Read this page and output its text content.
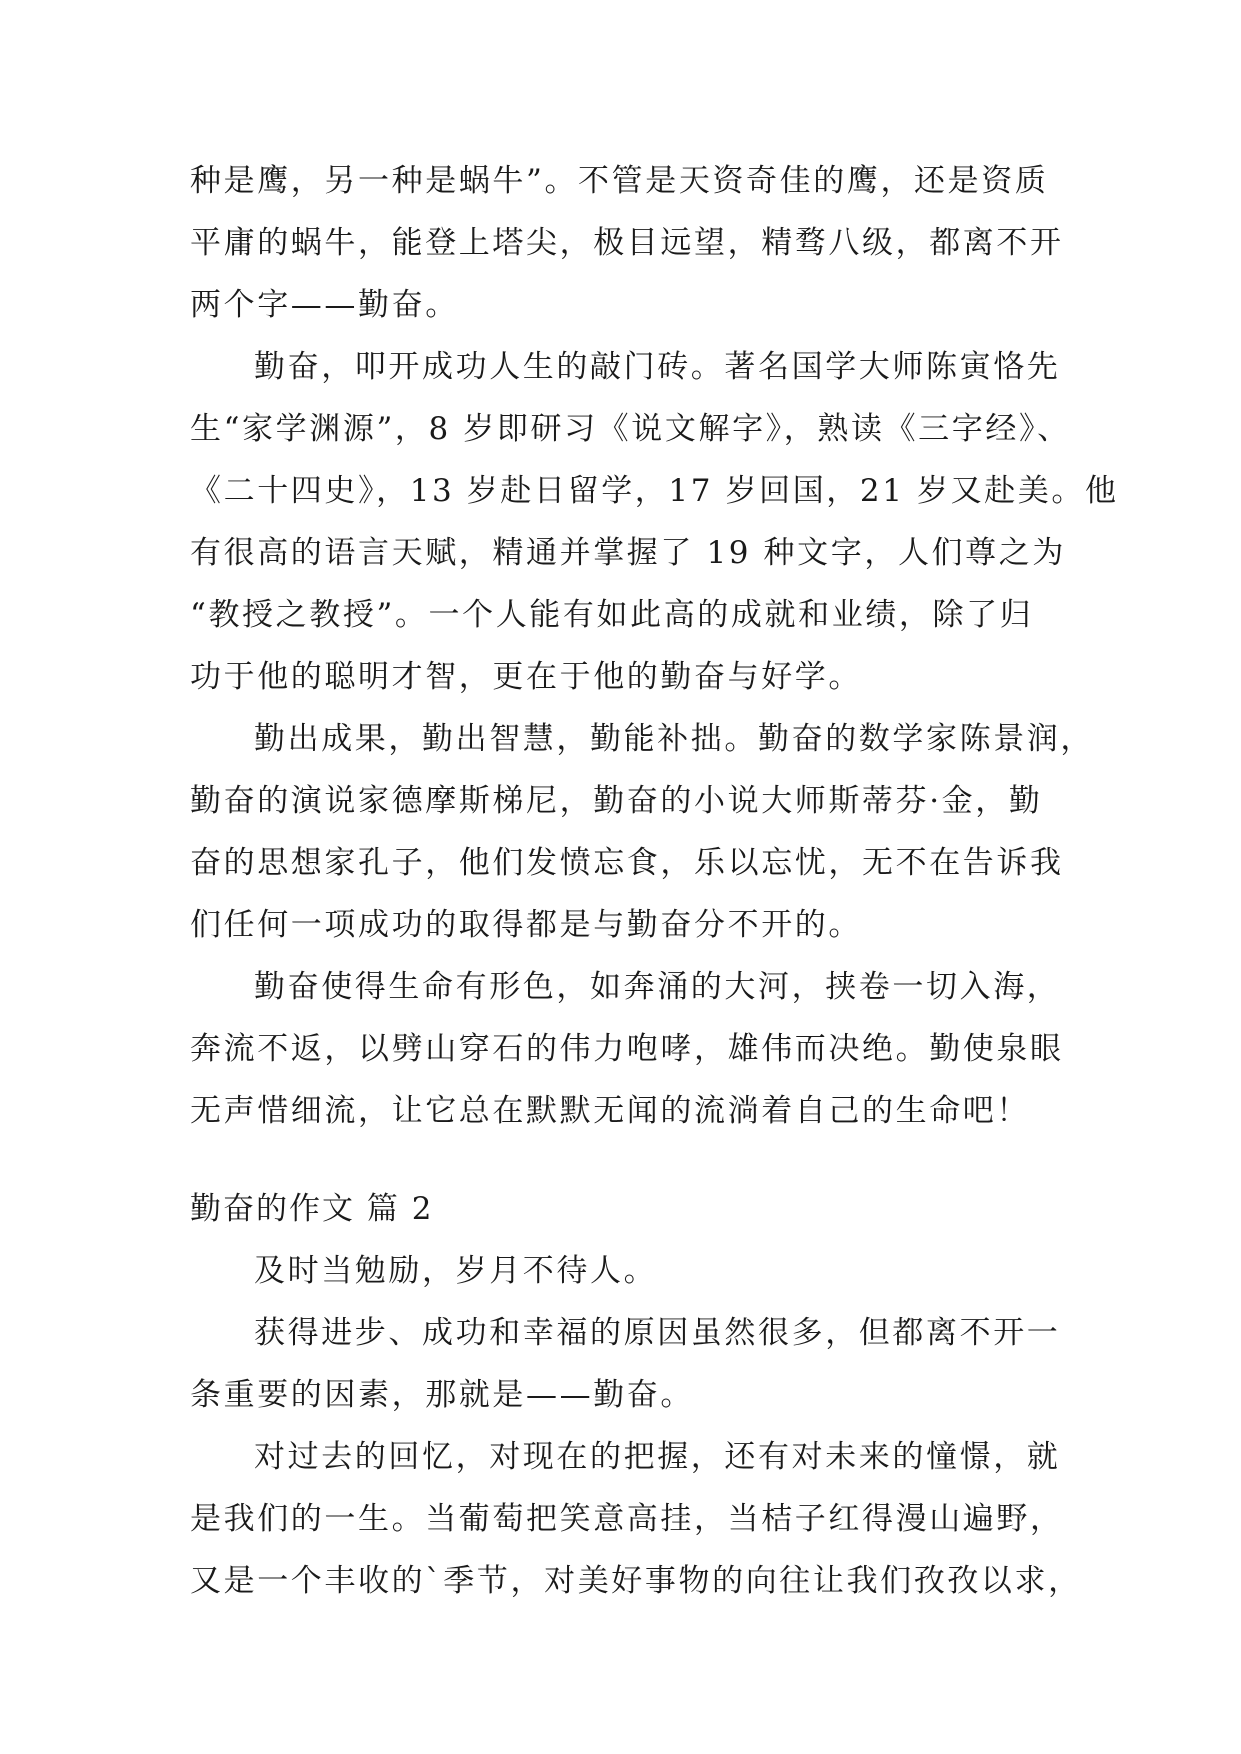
种是鹰，另一种是蜗牛”。不管是天资奇佳的鹰，还是资质
平庸的蜗牛，能登上塔尖，极目远望，精骛八级，都离不开
两个字——勤奋。
勤奋，叩开成功人生的敲门砖。著名国学大师陈寅恪先
生“家学渊源”，8 岁即研习《说文解字》，熟读《三字经》、
《二十四史》，13 岁赴日留学，17 岁回国，21 岁又赴美。他
有很高的语言天赋，精通并掌握了 19 种文字，人们尊之为
“教授之教授”。一个人能有如此高的成就和业绩，除了归
功于他的聪明才智，更在于他的勤奋与好学。
勤出成果，勤出智慧，勤能补拙。勤奋的数学家陈景润，
勤奋的演说家德摩斯梯尼，勤奋的小说大师斯蒂芬·金，勤
奋的思想家孔子，他们发愤忘食，乐以忘忧，无不在告诉我
们任何一项成功的取得都是与勤奋分不开的。
勤奋使得生命有形色，如奔涌的大河，挟卷一切入海，
奔流不返，以劈山穿石的伟力咆哮，雄伟而决绝。勤使泉眼
无声惜细流，让它总在默默无闻的流淌着自己的生命吧！
勤奋的作文 篇 2
及时当勉励，岁月不待人。
获得进步、成功和幸福的原因虽然很多，但都离不开一
条重要的因素，那就是——勤奋。
对过去的回忆，对现在的把握，还有对未来的憧憬，就
是我们的一生。当葡萄把笑意高挂，当桔子红得漫山遍野，
又是一个丰收的`季节，对美好事物的向往让我们孜孜以求，
